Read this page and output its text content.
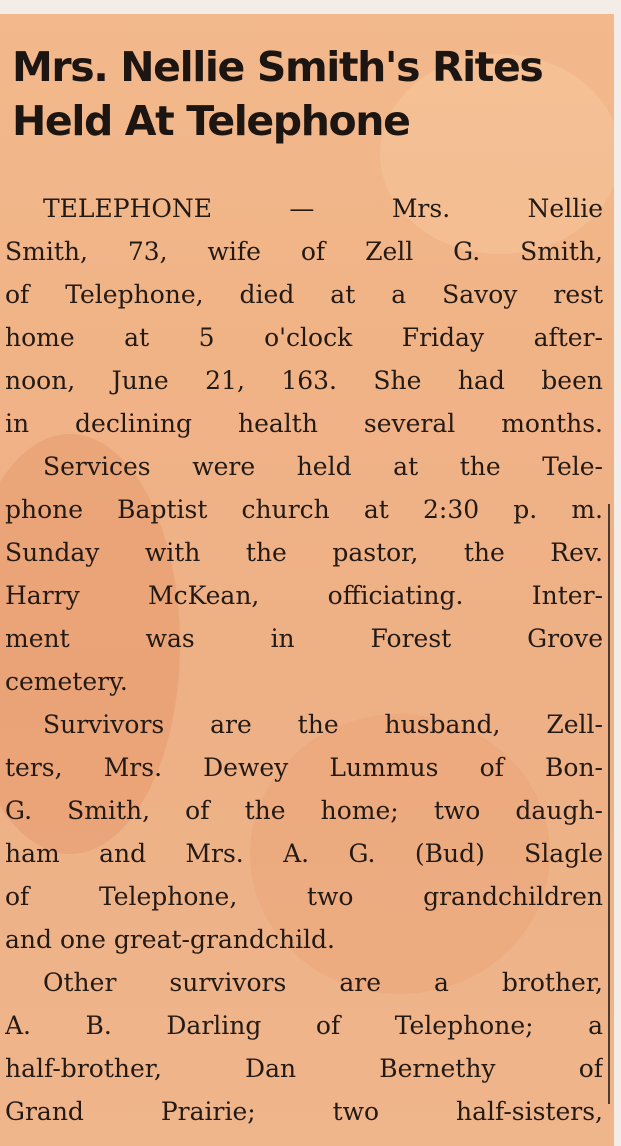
Mrs. Nellie Smith's Rites
Held At Telephone
TELEPHONE — Mrs. Nellie
Smith, 73, wife of Zell G. Smith,
of Telephone, died at a Savoy rest
home at 5 o'clock Friday after-
noon, June 21, 163. She had been
in declining health several months.
Services were held at the Tele-
phone Baptist church at 2:30 p. m.
Sunday with the pastor, the Rev.
Harry McKean, officiating. Inter-
ment was in Forest Grove
cemetery.
Survivors are the husband, Zell-
ters, Mrs. Dewey Lummus of Bon-
G. Smith, of the home; two daugh-
ham and Mrs. A. G. (Bud) Slagle
of Telephone, two grandchildren
and one great-grandchild.
Other survivors are a brother,
A. B. Darling of Telephone; a
half-brother, Dan Bernethy of
Grand Prairie; two half-sisters,
